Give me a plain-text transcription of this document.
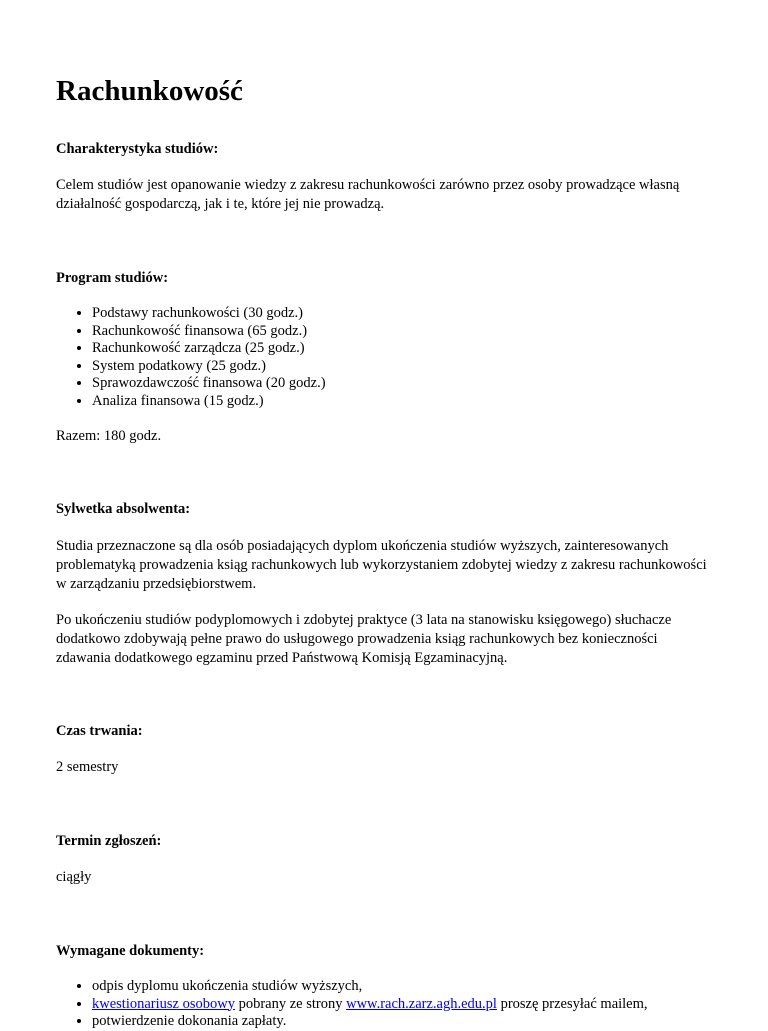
Rachunkowość
Charakterystyka studiów:

Celem studiów jest opanowanie wiedzy z zakresu rachunkowości zarówno przez osoby prowadzące własną działalność gospodarczą, jak i te, które jej nie prowadzą.

Program studiów:
• Podstawy rachunkowości (30 godz.)
• Rachunkowość finansowa (65 godz.)
• Rachunkowość zarządcza (25 godz.)
• System podatkowy (25 godz.)
• Sprawozdawczość finansowa (20 godz.)
• Analiza finansowa (15 godz.)

Razem: 180 godz.

Sylwetka absolwenta:

Studia przeznaczone są dla osób posiadających dyplom ukończenia studiów wyższych, zainteresowanych problematyką prowadzenia ksiąg rachunkowych lub wykorzystaniem zdobytej wiedzy z zakresu rachunkowości w zarządzaniu przedsiębiorstwem.

Po ukończeniu studiów podyplomowych i zdobytej praktyce (3 lata na stanowisku księgowego) słuchacze dodatkowo zdobywają pełne prawo do usługowego prowadzenia ksiąg rachunkowych bez konieczności zdawania dodatkowego egzaminu przed Państwową Komisją Egzaminacyjną.

Czas trwania:

2 semestry

Termin zgłoszeń:

ciągły

Wymagane dokumenty:
• odpis dyplomu ukończenia studiów wyższych,
• kwestionariusz osobowy pobrany ze strony www.rach.zarz.agh.edu.pl proszę przesyłać mailem,
• potwierdzenie dokonania zapłaty.
